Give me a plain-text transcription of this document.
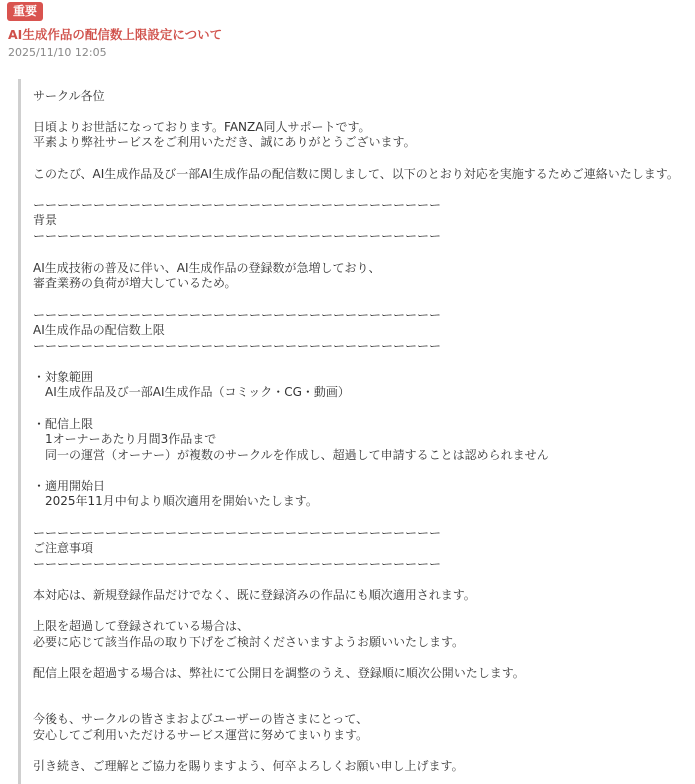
重要
AI生成作品の配信数上限設定について
2025/11/10 12:05
サークル各位
日頃よりお世話になっております。FANZA同人サポートです。
平素より弊社サービスをご利用いただき、誠にありがとうございます。
このたび、AI生成作品及び一部AI生成作品の配信数に関しまして、以下のとおり対応を実施するためご連絡いたします。
ーーーーーーーーーーーーーーーーーーーーーーーーーーーーーーーーーー
背景
ーーーーーーーーーーーーーーーーーーーーーーーーーーーーーーーーーー
AI生成技術の普及に伴い、AI生成作品の登録数が急増しており、
審査業務の負荷が増大しているため。
ーーーーーーーーーーーーーーーーーーーーーーーーーーーーーーーーーー
AI生成作品の配信数上限
ーーーーーーーーーーーーーーーーーーーーーーーーーーーーーーーーーー
・対象範囲
AI生成作品及び一部AI生成作品（コミック・CG・動画）
・配信上限
1オーナーあたり月間3作品まで
同一の運営（オーナー）が複数のサークルを作成し、超過して申請することは認められません
・適用開始日
2025年11月中旬より順次適用を開始いたします。
ーーーーーーーーーーーーーーーーーーーーーーーーーーーーーーーーーー
ご注意事項
ーーーーーーーーーーーーーーーーーーーーーーーーーーーーーーーーーー
本対応は、新規登録作品だけでなく、既に登録済みの作品にも順次適用されます。
上限を超過して登録されている場合は、
必要に応じて該当作品の取り下げをご検討くださいますようお願いいたします。
配信上限を超過する場合は、弊社にて公開日を調整のうえ、登録順に順次公開いたします。
今後も、サークルの皆さまおよびユーザーの皆さまにとって、
安心してご利用いただけるサービス運営に努めてまいります。
引き続き、ご理解とご協力を賜りますよう、何卒よろしくお願い申し上げます。
